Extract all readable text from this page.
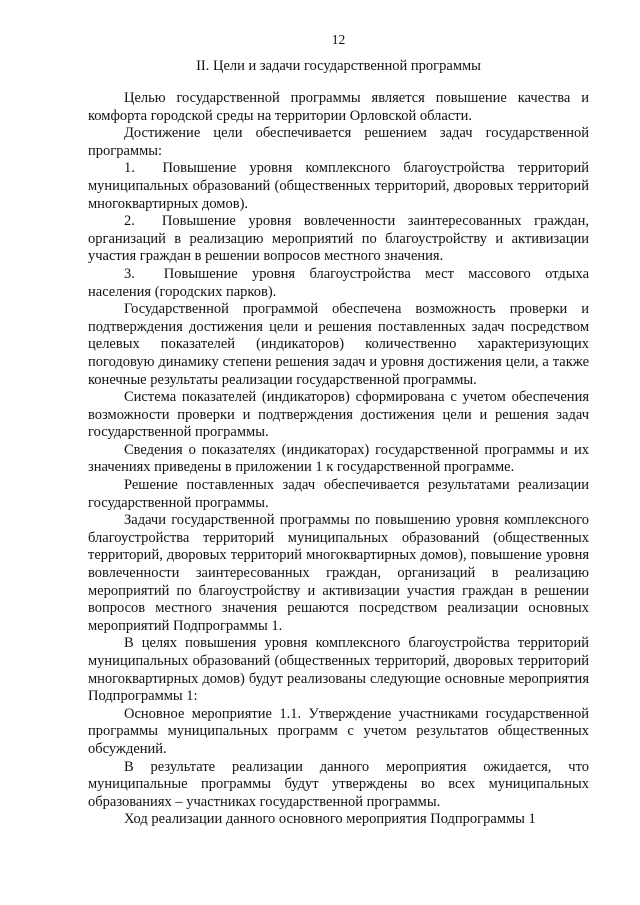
12
II. Цели и задачи государственной программы

Целью государственной программы является повышение качества и комфорта городской среды на территории Орловской области.

Достижение цели обеспечивается решением задач государственной программы:

1.  Повышение уровня комплексного благоустройства территорий муниципальных образований (общественных территорий, дворовых территорий многоквартирных домов).

2.  Повышение уровня вовлеченности заинтересованных граждан, организаций в реализацию мероприятий по благоустройству и активизации участия граждан в решении вопросов местного значения.

3.  Повышение уровня благоустройства мест массового отдыха населения (городских парков).

Государственной программой обеспечена возможность проверки и подтверждения достижения цели и решения поставленных задач посредством целевых показателей (индикаторов) количественно характеризующих погодовую динамику степени решения задач и уровня достижения цели, а также конечные результаты реализации государственной программы.

Система показателей (индикаторов) сформирована с учетом обеспечения возможности проверки и подтверждения достижения цели и решения задач государственной программы.

Сведения о показателях (индикаторах) государственной программы и их значениях приведены в приложении 1 к государственной программе.

Решение поставленных задач обеспечивается результатами реализации государственной программы.

Задачи государственной программы по повышению уровня комплексного благоустройства территорий муниципальных образований (общественных территорий, дворовых территорий многоквартирных домов), повышение уровня вовлеченности заинтересованных граждан, организаций в реализацию мероприятий по благоустройству и активизации участия граждан в решении вопросов местного значения решаются посредством реализации основных мероприятий Подпрограммы 1.

В целях повышения уровня комплексного благоустройства территорий муниципальных образований (общественных территорий, дворовых территорий многоквартирных домов) будут реализованы следующие основные мероприятия Подпрограммы 1:

Основное мероприятие 1.1. Утверждение участниками государственной программы муниципальных программ с учетом результатов общественных обсуждений.

В результате реализации данного мероприятия ожидается, что муниципальные программы будут утверждены во всех муниципальных образованиях – участниках государственной программы.

Ход реализации данного основного мероприятия Подпрограммы 1
